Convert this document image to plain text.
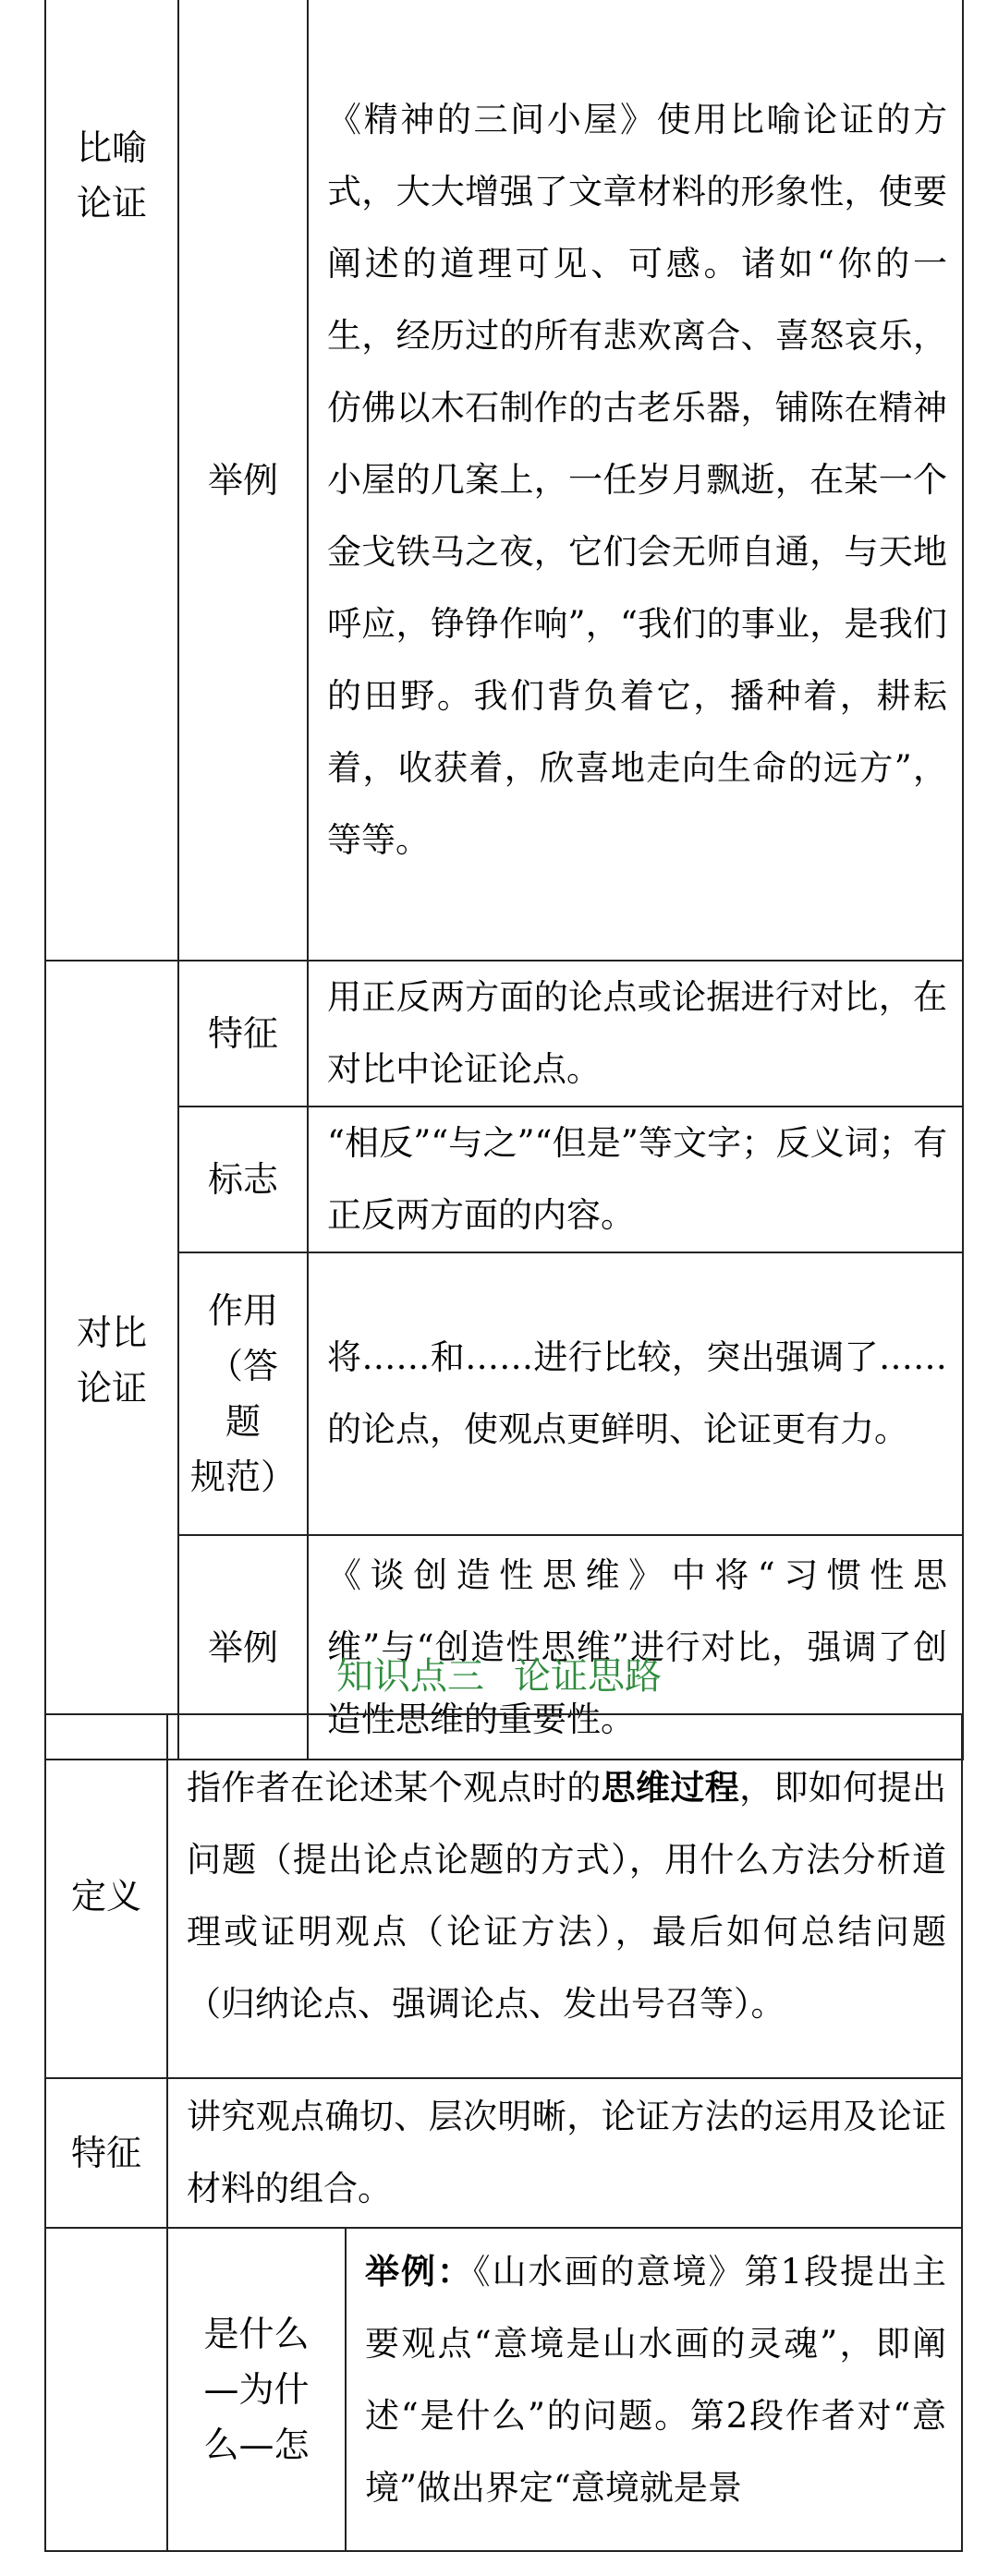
比喻
论证	举例	《精神的三间小屋》使用比喻论证的方式，大大增强了文章材料的形象性，使要阐述的道理可见、可感。诸如“你的一生，经历过的所有悲欢离合、喜怒哀乐，仿佛以木石制作的古老乐器，铺陈在精神小屋的几案上，一任岁月飘逝，在某一个金戈铁马之夜，它们会无师自通，与天地呼应，铮铮作响”，“我们的事业，是我们的田野。我们背负着它，播种着，耕耘着，收获着，欣喜地走向生命的远方”，等等。
对比
论证	特征	用正反两方面的论点或论据进行对比，在对比中论证论点。
	标志	“相反”“与之”“但是”等文字；反义词；有正反两方面的内容。
	作用
（答
题
规范）	将……和……进行比较，突出强调了……的论点，使观点更鲜明、论证更有力。
	举例	《谈创造性思维》中将“习惯性思维”与“创造性思维”进行对比，强调了创造性思维的重要性。
知识点三 论证思路
定义	指作者在论述某个观点时的思维过程，即如何提出问题（提出论点论题的方式），用什么方法分析道理或证明观点（论证方法），最后如何总结问题（归纳论点、强调论点、发出号召等）。	
特征	讲究观点确切、层次明晰，论证方法的运用及论证材料的组合。	
	是什么
—为什
么—怎	举例：《山水画的意境》第1段提出主要观点“意境是山水画的灵魂”，即阐述“是什么”的问题。第2段作者对“意境”做出界定“意境就是景
